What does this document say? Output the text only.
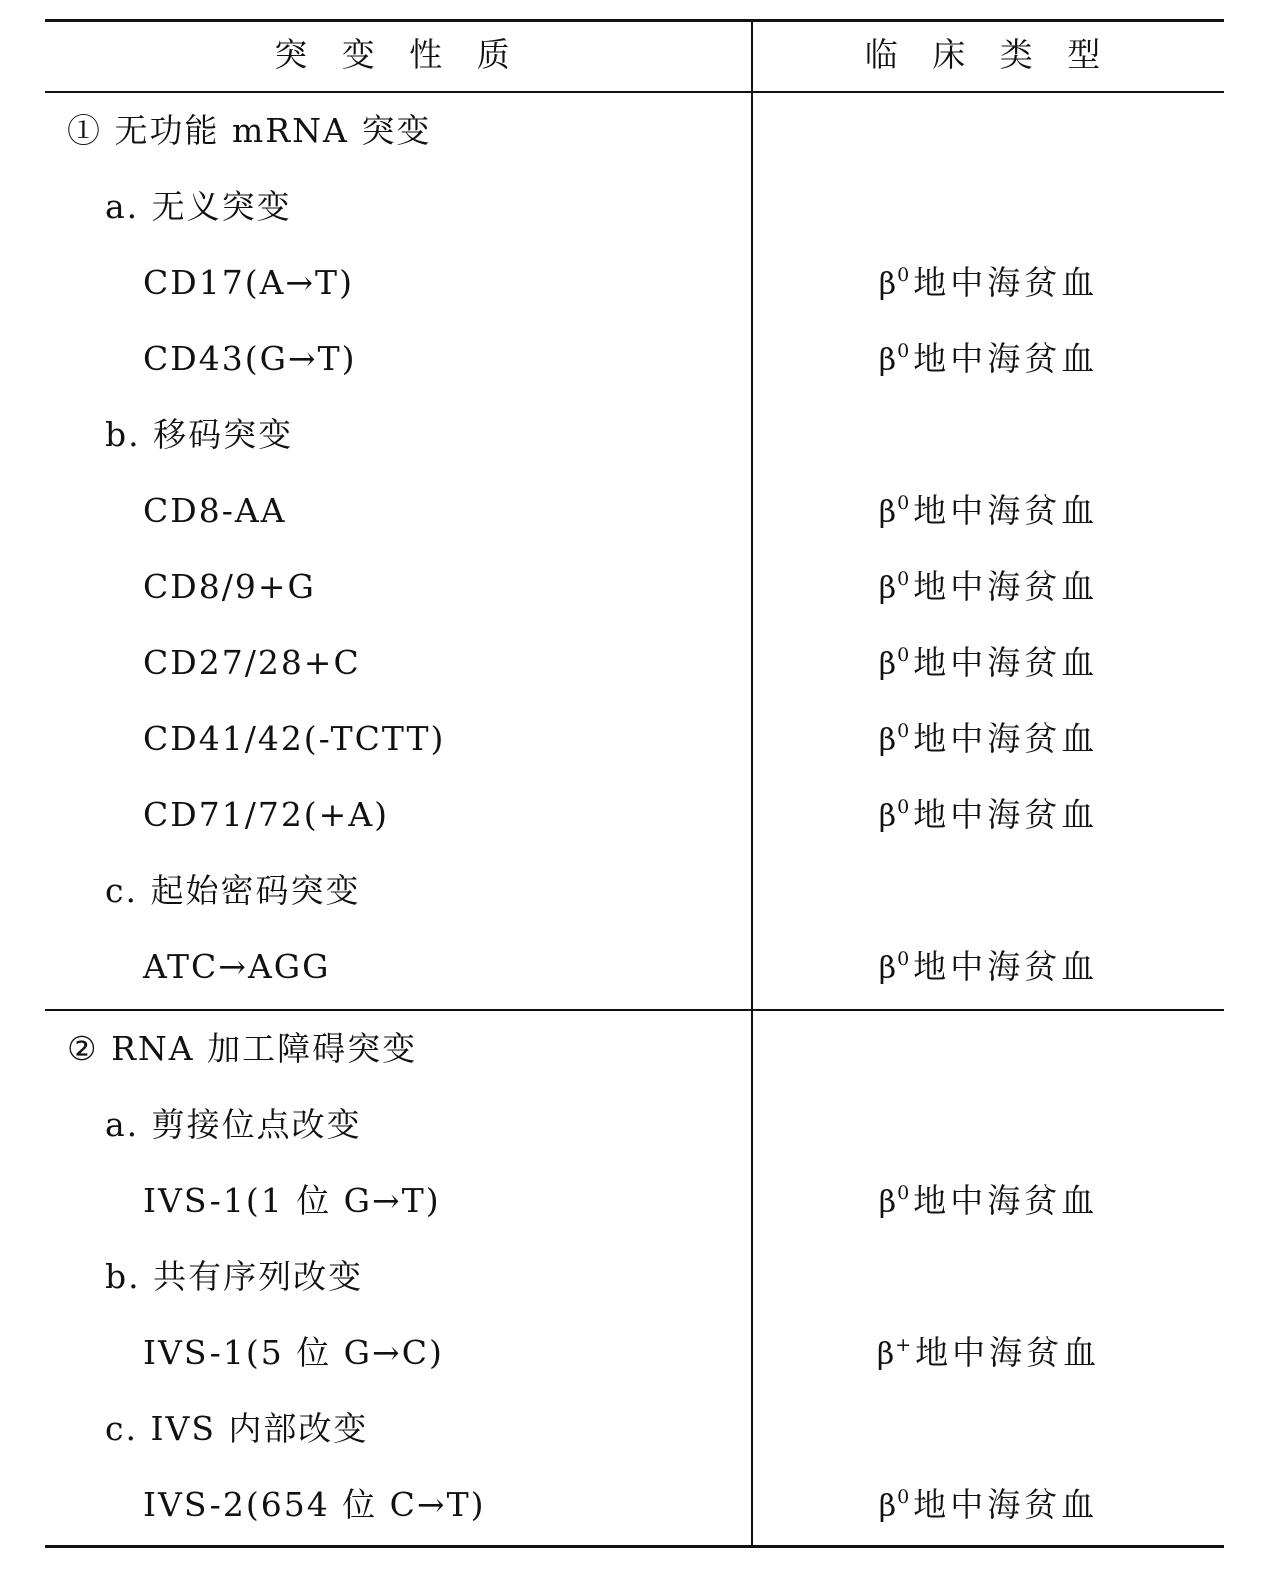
突 变 性 质	临 床 类 型
① 无功能 mRNA 突变
a. 无义突变
CD17(A→T)	$\beta^0$ 地中海贫血
CD43(G→T)	$\beta^0$ 地中海贫血
b. 移码突变
CD8-AA	$\beta^0$ 地中海贫血
CD8/9+G	$\beta^0$ 地中海贫血
CD27/28+C	$\beta^0$ 地中海贫血
CD41/42(-TCTT)	$\beta^0$ 地中海贫血
CD71/72(+A)	$\beta^0$ 地中海贫血
c. 起始密码突变
ATC→AGG	$\beta^0$ 地中海贫血
② RNA 加工障碍突变
a. 剪接位点改变
IVS-1(1 位 G→T)	$\beta^0$ 地中海贫血
b. 共有序列改变
IVS-1(5 位 G→C)	β+ 地中海贫血
c. IVS 内部改变
IVS-2(654 位 C→T)	$\beta^0$ 地中海贫血
